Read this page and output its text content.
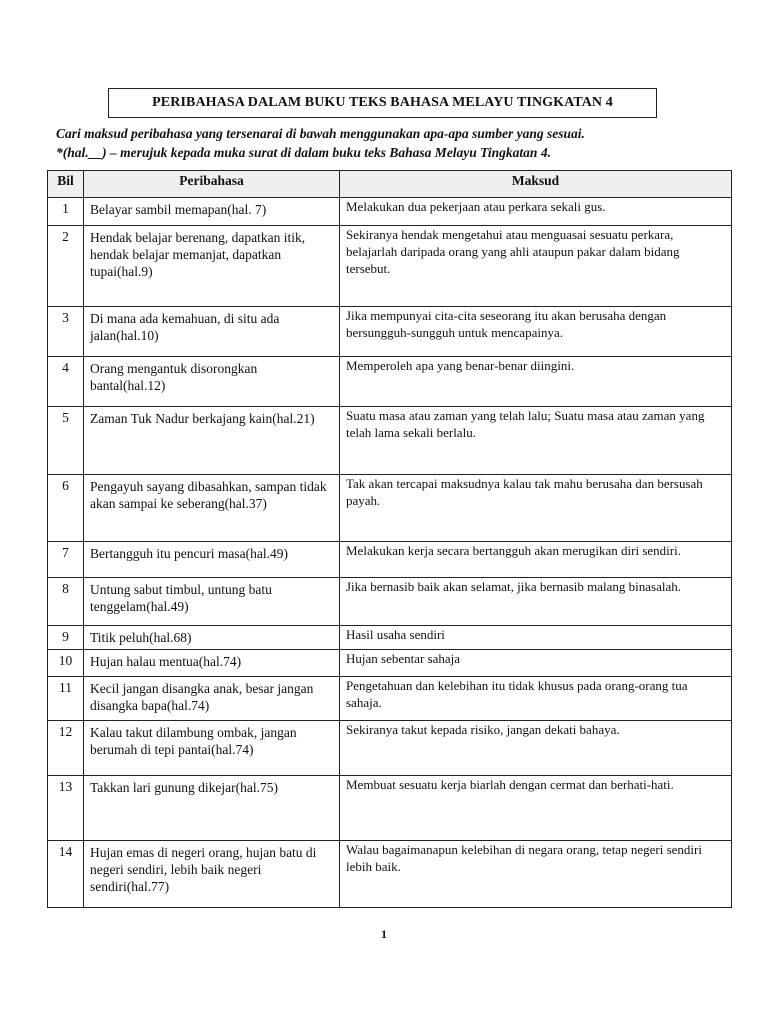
PERIBAHASA DALAM BUKU TEKS BAHASA MELAYU TINGKATAN 4
Cari maksud peribahasa yang tersenarai di bawah menggunakan apa-apa sumber yang sesuai.
*(hal.__) – merujuk kepada muka surat di dalam buku teks Bahasa Melayu Tingkatan 4.
Bil	Peribahasa	Maksud
1	Belayar sambil memapan(hal. 7)	Melakukan dua pekerjaan atau perkara sekali gus.
2	Hendak belajar berenang, dapatkan itik, hendak belajar memanjat, dapatkan tupai(hal.9)	Sekiranya hendak mengetahui atau menguasai sesuatu perkara, belajarlah daripada orang yang ahli ataupun pakar dalam bidang tersebut.
3	Di mana ada kemahuan, di situ ada jalan(hal.10)	Jika mempunyai cita-cita seseorang itu akan berusaha dengan bersungguh-sungguh untuk mencapainya.
4	Orang mengantuk disorongkan bantal(hal.12)	Memperoleh apa yang benar-benar diingini.
5	Zaman Tuk Nadur berkajang kain(hal.21)	Suatu masa atau zaman yang telah lalu; Suatu masa atau zaman yang telah lama sekali berlalu.
6	Pengayuh sayang dibasahkan, sampan tidak akan sampai ke seberang(hal.37)	Tak akan tercapai maksudnya kalau tak mahu berusaha dan bersusah payah.
7	Bertangguh itu pencuri masa(hal.49)	Melakukan kerja secara bertangguh akan merugikan diri sendiri.
8	Untung sabut timbul, untung batu tenggelam(hal.49)	Jika bernasib baik akan selamat, jika bernasib malang binasalah.
9	Titik peluh(hal.68)	Hasil usaha sendiri
10	Hujan halau mentua(hal.74)	Hujan sebentar sahaja
11	Kecil jangan disangka anak, besar jangan disangka bapa(hal.74)	Pengetahuan dan kelebihan itu tidak khusus pada orang-orang tua sahaja.
12	Kalau takut dilambung ombak, jangan berumah di tepi pantai(hal.74)	Sekiranya takut kepada risiko, jangan dekati bahaya.
13	Takkan lari gunung dikejar(hal.75)	Membuat sesuatu kerja biarlah dengan cermat dan berhati-hati.
14	Hujan emas di negeri orang, hujan batu di negeri sendiri, lebih baik negeri sendiri(hal.77)	Walau bagaimanapun kelebihan di negara orang, tetap negeri sendiri lebih baik.
1
